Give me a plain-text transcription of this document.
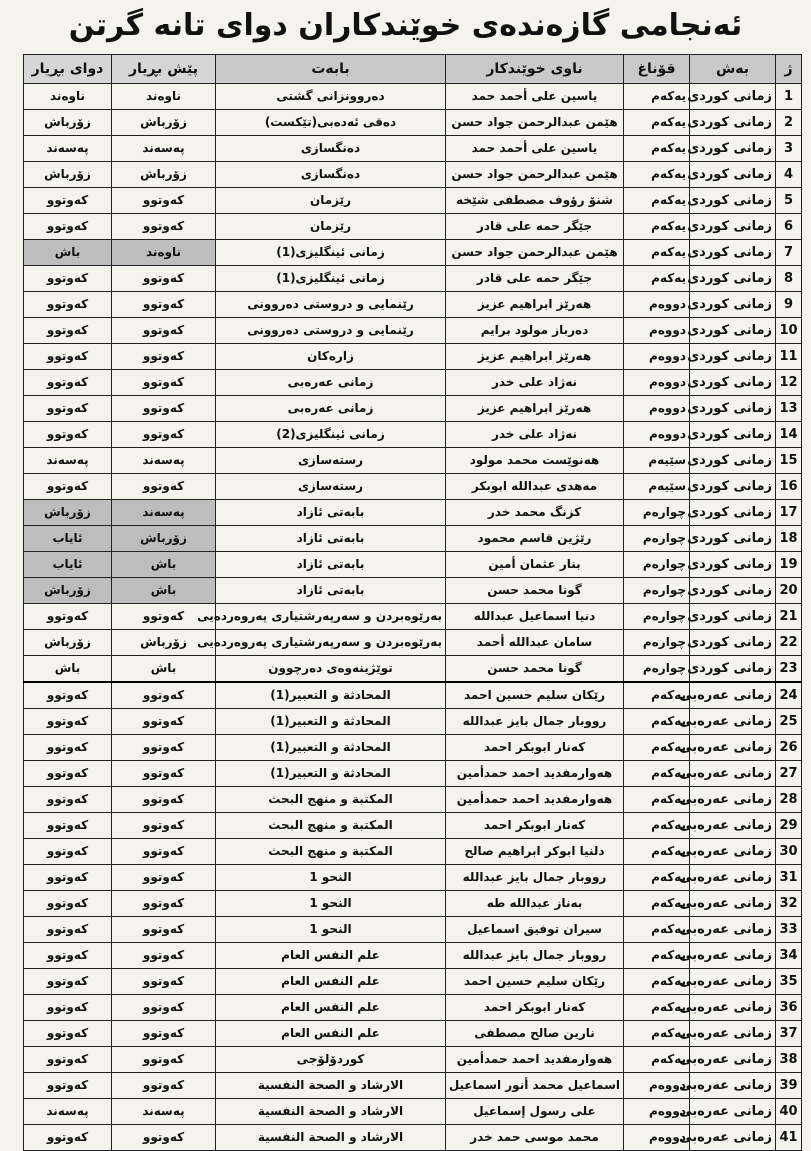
ئەنجامی گازەندەی خوێندکاران دوای تانە گرتن
ژ	بەش	قۆناغ	ناوی خوێندکار	بابەت	پێش بڕیار	دوای بڕیار
1	زمانی کوردی	یەکەم	یاسین علی أحمد حمد	دەروونزانی گشتی	ناوەند	ناوەند
2	زمانی کوردی	یەکەم	هێمن عبدالرحمن جواد حسن	دەقی ئەدەبی(تێکست)	زۆرباش	زۆرباش
3	زمانی کوردی	یەکەم	یاسین علی أحمد حمد	دەنگسازی	پەسەند	پەسەند
4	زمانی کوردی	یەکەم	هێمن عبدالرحمن جواد حسن	دەنگسازی	زۆرباش	زۆرباش
5	زمانی کوردی	یەکەم	شنۆ رؤوف مصطفی شێخە	رێزمان	کەوتوو	کەوتوو
6	زمانی کوردی	یەکەم	جێگر حمە علی قادر	رێزمان	کەوتوو	کەوتوو
7	زمانی کوردی	یەکەم	هێمن عبدالرحمن جواد حسن	زمانی ئینگلیزی(1)	ناوەند	باش
8	زمانی کوردی	یەکەم	جێگر حمە علی قادر	زمانی ئینگلیزی(1)	کەوتوو	کەوتوو
9	زمانی کوردی	دووەم	هەرێز ابراهیم عزیز	رێنمایی و دروستی دەروونی	کەوتوو	کەوتوو
10	زمانی کوردی	دووەم	دەرباز مولود برایم	رێنمایی و دروستی دەروونی	کەوتوو	کەوتوو
11	زمانی کوردی	دووەم	هەرێز ابراهیم عزیز	زارەکان	کەوتوو	کەوتوو
12	زمانی کوردی	دووەم	نەژاد علی خدر	زمانی عەرەبی	کەوتوو	کەوتوو
13	زمانی کوردی	دووەم	هەرێز ابراهیم عزیز	زمانی عەرەبی	کەوتوو	کەوتوو
14	زمانی کوردی	دووەم	نەژاد علی خدر	زمانی ئینگلیزی(2)	کەوتوو	کەوتوو
15	زمانی کوردی	سێیەم	هەنوێست محمد مولود	رستەسازی	پەسەند	پەسەند
16	زمانی کوردی	سێیەم	مەهدی عبداللە ابوبکر	رستەسازی	کەوتوو	کەوتوو
17	زمانی کوردی	چوارەم	کزنگ محمد خدر	بابەتی ئازاد	پەسەند	زۆرباش
18	زمانی کوردی	چوارەم	رێژین قاسم محمود	بابەتی ئازاد	زۆرباش	ئایاب
19	زمانی کوردی	چوارەم	بنار عثمان أمین	بابەتی ئازاد	باش	ئایاب
20	زمانی کوردی	چوارەم	گونا محمد حسن	بابەتی ئازاد	باش	زۆرباش
21	زمانی کوردی	چوارەم	دنیا اسماعیل عبداللە	بەرێوەبردن و سەرپەرشتیاری پەروەردەیی	کەوتوو	کەوتوو
22	زمانی کوردی	چوارەم	سامان عبداللە أحمد	بەرێوەبردن و سەرپەرشتیاری پەروەردەیی	زۆرباش	زۆرباش
23	زمانی کوردی	چوارەم	گونا محمد حسن	توێژینەوەی دەرچوون	باش	باش
24	زمانی عەرەبی	یەکەم	رێکان سلیم حسین احمد	المحادثة و التعبیر(1)	کەوتوو	کەوتوو
25	زمانی عەرەبی	یەکەم	رووبار جمال بایز عبداللە	المحادثة و التعبیر(1)	کەوتوو	کەوتوو
26	زمانی عەرەبی	یەکەم	کەنار ابوبکر احمد	المحادثة و التعبیر(1)	کەوتوو	کەوتوو
27	زمانی عەرەبی	یەکەم	هەوارمفدید احمد حمدأمین	المحادثة و التعبیر(1)	کەوتوو	کەوتوو
28	زمانی عەرەبی	یەکەم	هەوارمفدید احمد حمدأمین	المکتبة و منهج البحث	کەوتوو	کەوتوو
29	زمانی عەرەبی	یەکەم	کەنار ابوبکر احمد	المکتبة و منهج البحث	کەوتوو	کەوتوو
30	زمانی عەرەبی	یەکەم	دلنیا ابوکر ابراهیم صالح	المکتبة و منهج البحث	کەوتوو	کەوتوو
31	زمانی عەرەبی	یەکەم	رووبار جمال بایز عبداللە	النحو 1	کەوتوو	کەوتوو
32	زمانی عەرەبی	یەکەم	بەناز عبداللە طە	النحو 1	کەوتوو	کەوتوو
33	زمانی عەرەبی	یەکەم	سیران توفیق اسماعیل	النحو 1	کەوتوو	کەوتوو
34	زمانی عەرەبی	یەکەم	رووبار جمال بایز عبداللە	علم النفس العام	کەوتوو	کەوتوو
35	زمانی عەرەبی	یەکەم	رێکان سلیم حسین احمد	علم النفس العام	کەوتوو	کەوتوو
36	زمانی عەرەبی	یەکەم	کەنار ابوبکر احمد	علم النفس العام	کەوتوو	کەوتوو
37	زمانی عەرەبی	یەکەم	نارین صالح مصطفی	علم النفس العام	کەوتوو	کەوتوو
38	زمانی عەرەبی	یەکەم	هەوارمفدید احمد حمدأمین	کوردۆلۆجی	کەوتوو	کەوتوو
39	زمانی عەرەبی	دووەم	اسماعیل محمد أنور اسماعیل	الارشاد و الصحة النفسیة	کەوتوو	کەوتوو
40	زمانی عەرەبی	دووەم	علی رسول إسماعیل	الارشاد و الصحة النفسیة	پەسەند	پەسەند
41	زمانی عەرەبی	دووەم	محمد موسی حمد خدر	الارشاد و الصحة النفسیة	کەوتوو	کەوتوو
